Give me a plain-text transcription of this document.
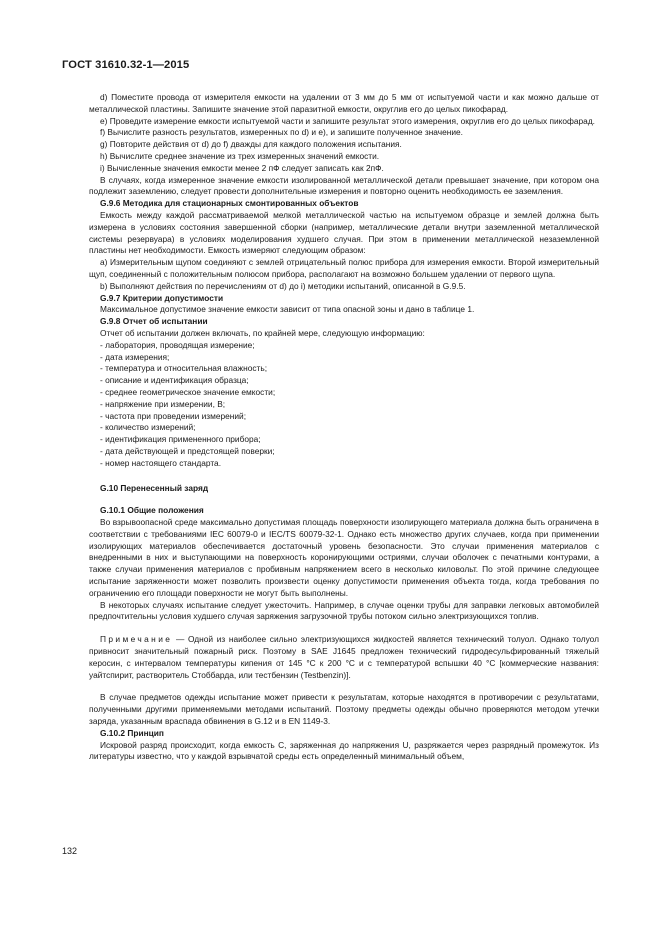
ГОСТ 31610.32-1—2015

d) Поместите провода от измерителя емкости на удалении от 3 мм до 5 мм от испытуемой части и как можно дальше от металлической пластины. Запишите значение этой паразитной емкости, округлив его до целых пикофарад.

e) Проведите измерение емкости испытуемой части и запишите результат этого измерения, округлив его до целых пикофарад.

f) Вычислите разность результатов, измеренных по d) и e), и запишите полученное значение.

g) Повторите действия от d) до f) дважды для каждого положения испытания.

h) Вычислите среднее значение из трех измеренных значений емкости.

i) Вычисленные значения емкости менее 2 пФ следует записать как 2пФ.

В случаях, когда измеренное значение емкости изолированной металлической детали превышает значение, при котором она подлежит заземлению, следует провести дополнительные измерения и повторно оценить необходимость ее заземления.

G.9.6 Методика для стационарных смонтированных объектов

Емкость между каждой рассматриваемой мелкой металлической частью на испытуемом образце и землей должна быть измерена в условиях состояния завершенной сборки (например, металлические детали внутри заземленной металлической системы резервуара) в условиях моделирования худшего случая. При этом в применении металлической незаземленной пластины нет необходимости. Емкость измеряют следующим образом:

a) Измерительным щупом соединяют с землей отрицательный полюс прибора для измерения емкости. Второй измерительный щуп, соединенный с положительным полюсом прибора, располагают на возможно большем удалении от первого щупа.

b) Выполняют действия по перечислениям от d) до i) методики испытаний, описанной в G.9.5.

G.9.7 Критерии допустимости

Максимальное допустимое значение емкости зависит от типа опасной зоны и дано в таблице 1.

G.9.8 Отчет об испытании

Отчет об испытании должен включать, по крайней мере, следующую информацию:

- лаборатория, проводящая измерение;

- дата измерения;

- температура и относительная влажность;

- описание и идентификация образца;

- среднее геометрическое значение емкости;

- напряжение при измерении, В;

- частота при проведении измерений;

- количество измерений;

- идентификация примененного прибора;

- дата действующей и предстоящей поверки;

- номер настоящего стандарта.

G.10 Перенесенный заряд

G.10.1 Общие положения

Во взрывоопасной среде максимально допустимая площадь поверхности изолирующего материала должна быть ограничена в соответствии с требованиями IEC 60079-0 и IEC/TS 60079-32-1. Однако есть множество других случаев, когда при применении изолирующих материалов обеспечивается достаточный уровень безопасности. Это случаи применения материалов с внедренными в них и выступающими на поверхность коронирующими остриями, случаи оболочек с печатными контурами, а также случаи применения материалов с пробивным напряжением всего в несколько киловольт. По этой причине следующее испытание заряженности может позволить произвести оценку допустимости применения объекта тогда, когда требования по ограничению его площади поверхности не могут быть выполнены.

В некоторых случаях испытание следует ужесточить. Например, в случае оценки трубы для заправки легковых автомобилей предпочтительны условия худшего случая заряжения загрузочной трубы потоком сильно электризующихся топлив.

Примечание — Одной из наиболее сильно электризующихся жидкостей является технический толуол. Однако толуол привносит значительный пожарный риск. Поэтому в SAE J1645 предложен технический гидродесульфированный тяжелый керосин, с интервалом температуры кипения от 145 °C к 200 °C и с температурой вспышки 40 °C [коммерческие названия: уайтспирит, растворитель Стоббарда, или тестбензин (Testbenzin)].

В случае предметов одежды испытание может привести к результатам, которые находятся в противоречии с результатами, полученными другими применяемыми методами испытаний. Поэтому предметы одежды обычно проверяются методом утечки заряда, указанным враспада обвинения в G.12 и в EN 1149-3.

G.10.2 Принцип

Искровой разряд происходит, когда емкость C, заряженная до напряжения U, разряжается через разрядный промежуток. Из литературы известно, что у каждой взрывчатой среды есть определенный минимальный объем,

132
